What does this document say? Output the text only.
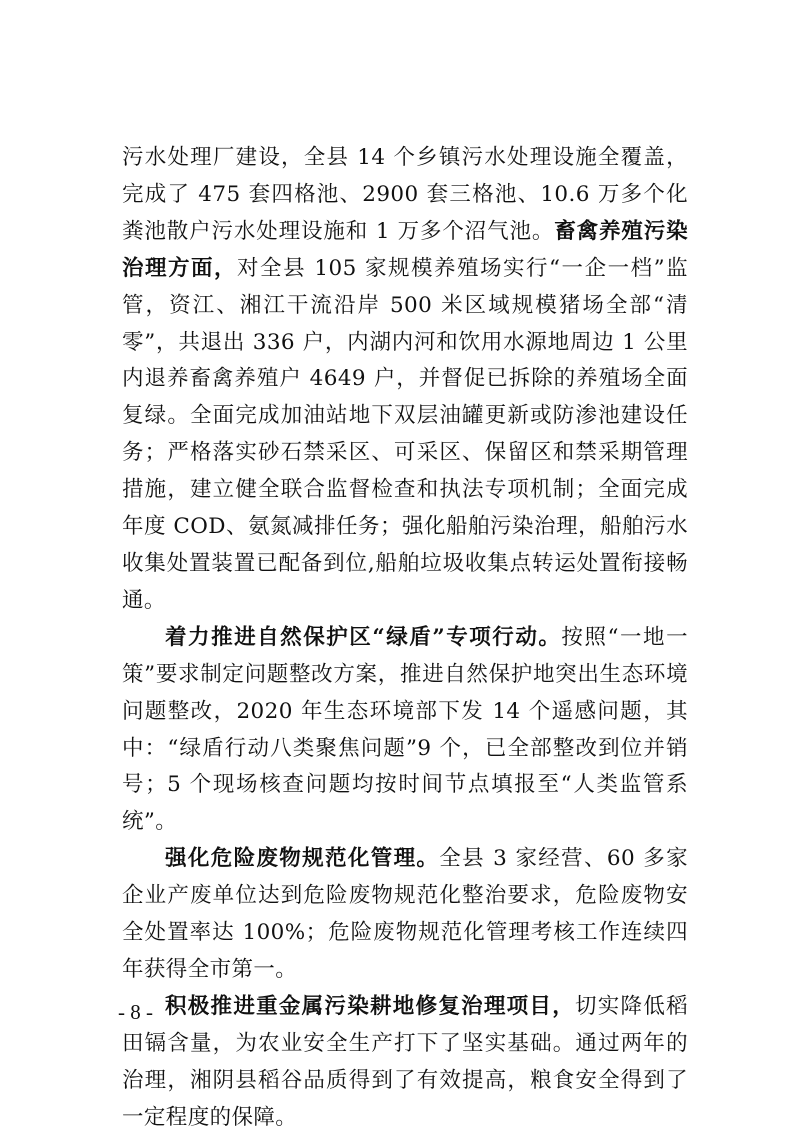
污水处理厂建设，全县 14 个乡镇污水处理设施全覆盖，完成了 475 套四格池、2900 套三格池、10.6 万多个化粪池散户污水处理设施和 1 万多个沼气池。畜禽养殖污染治理方面，对全县 105 家规模养殖场实行“一企一档”监管，资江、湘江干流沿岸 500 米区域规模猪场全部“清零”，共退出 336 户，内湖内河和饮用水源地周边 1 公里内退养畜禽养殖户 4649 户，并督促已拆除的养殖场全面复绿。全面完成加油站地下双层油罐更新或防渗池建设任务；严格落实砂石禁采区、可采区、保留区和禁采期管理措施，建立健全联合监督检查和执法专项机制；全面完成年度 COD、氨氮减排任务；强化船舶污染治理，船舶污水收集处置装置已配备到位,船舶垃圾收集点转运处置衔接畅通。

着力推进自然保护区“绿盾”专项行动。按照“一地一策”要求制定问题整改方案，推进自然保护地突出生态环境问题整改，2020 年生态环境部下发 14 个遥感问题，其中：“绿盾行动八类聚焦问题”9 个，已全部整改到位并销号；5 个现场核查问题均按时间节点填报至“人类监管系统”。

强化危险废物规范化管理。全县 3 家经营、60 多家企业产废单位达到危险废物规范化整治要求，危险废物安全处置率达 100%；危险废物规范化管理考核工作连续四年获得全市第一。

积极推进重金属污染耕地修复治理项目，切实降低稻田镉含量，为农业安全生产打下了坚实基础。通过两年的治理，湘阴县稻谷品质得到了有效提高，粮食安全得到了一定程度的保障。

- 8 -
